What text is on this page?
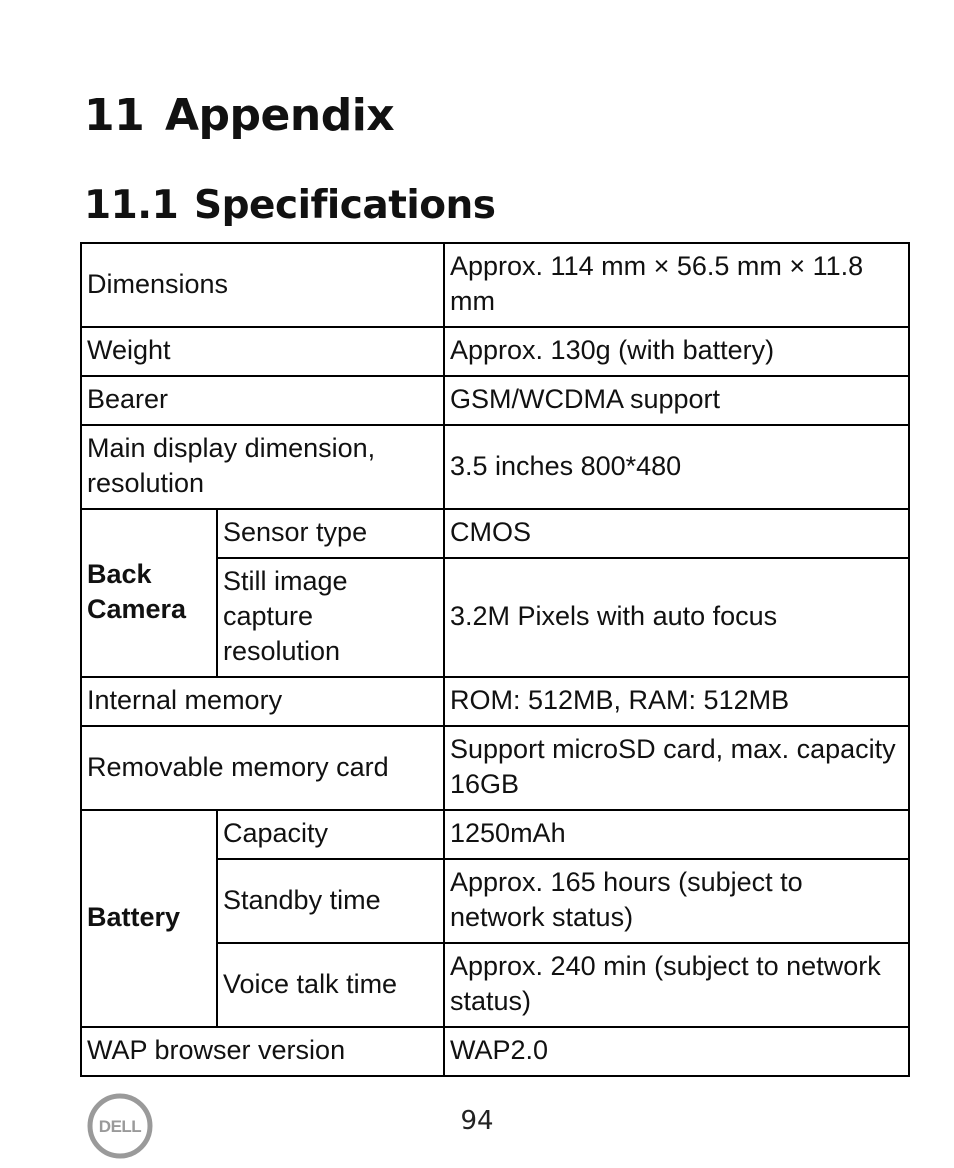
11 Appendix
11.1 Specifications
Dimensions		Approx. 114 mm × 56.5 mm × 11.8 mm
Weight		Approx. 130g (with battery)
Bearer		GSM/WCDMA support
Main display dimension, resolution		3.5 inches 800*480
Back Camera	Sensor type	CMOS
	Still image capture resolution	3.2M Pixels with auto focus
Internal memory		ROM: 512MB, RAM: 512MB
Removable memory card		Support microSD card, max. capacity 16GB
Battery	Capacity	1250mAh
	Standby time	Approx. 165 hours (subject to network status)
	Voice talk time	Approx. 240 min (subject to network status)
WAP browser version		WAP2.0
DELL	94
